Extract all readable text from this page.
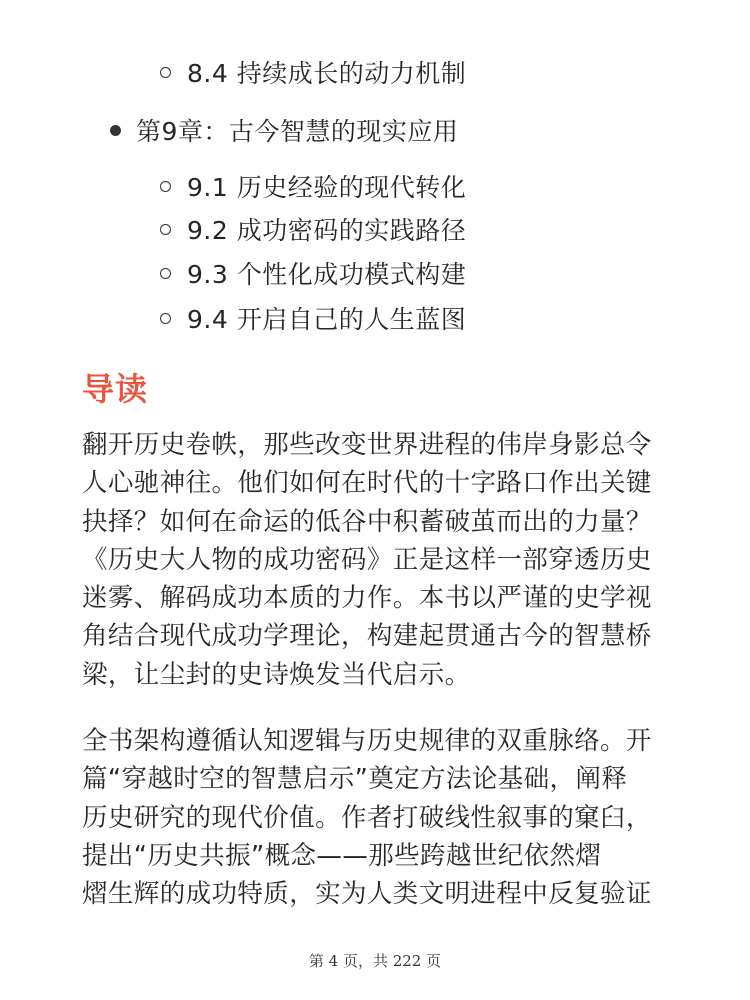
8.4 持续成长的动力机制
第9章：古今智慧的现实应用
9.1 历史经验的现代转化
9.2 成功密码的实践路径
9.3 个性化成功模式构建
9.4 开启自己的人生蓝图
导读
翻开历史卷帙，那些改变世界进程的伟岸身影总令
人心驰神往。他们如何在时代的十字路口作出关键
抉择？如何在命运的低谷中积蓄破茧而出的力量？
《历史大人物的成功密码》正是这样一部穿透历史
迷雾、解码成功本质的力作。本书以严谨的史学视
角结合现代成功学理论，构建起贯通古今的智慧桥
梁，让尘封的史诗焕发当代启示。
全书架构遵循认知逻辑与历史规律的双重脉络。开
篇“穿越时空的智慧启示”奠定方法论基础，阐释
历史研究的现代价值。作者打破线性叙事的窠臼，
提出“历史共振”概念——那些跨越世纪依然熠
熠生辉的成功特质，实为人类文明进程中反复验证
第 4 页，共 222 页
